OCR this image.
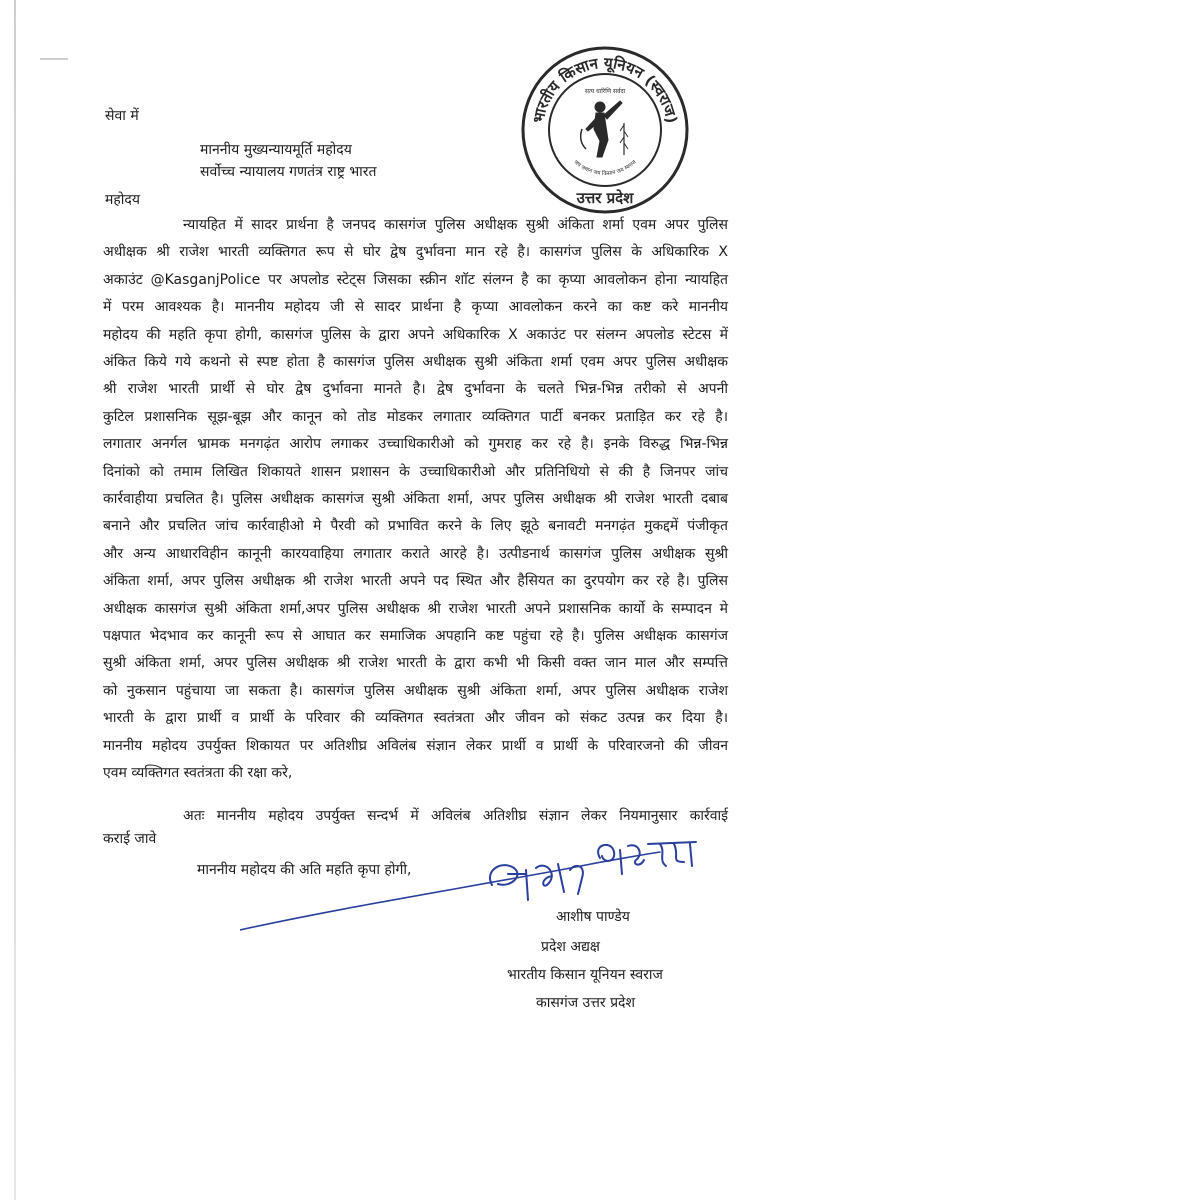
भारतीय किसान यूनियन (स्वराज)
जय जवान जय किसान जय स्वराज
सत्य धारिणि सर्वदा
उत्तर प्रदेश
सेवा में
माननीय मुख्यन्यायमूर्ति महोदय
सर्वोच्च न्यायालय गणतंत्र राष्ट्र भारत
महोदय
न्यायहित में सादर प्रार्थना है जनपद कासगंज पुलिस अधीक्षक सुश्री अंकिता शर्मा एवम अपर पुलिस
अधीक्षक श्री राजेश भारती व्यक्तिगत रूप से घोर द्वेष दुर्भावना मान रहे है। कासगंज पुलिस के अधिकारिक X
अकाउंट @KasganjPolice पर अपलोड स्टेट्स जिसका स्क्रीन शाॅट संलग्न है का कृप्या आवलोकन होना न्यायहित
में परम आवश्यक है। माननीय महोदय जी से सादर प्रार्थना है कृप्या आवलोकन करने का कष्ट करे माननीय
महोदय की महति कृपा होगी, कासगंज पुलिस के द्वारा अपने अधिकारिक X अकाउंट पर संलग्न अपलोड स्टेटस में
अंकित किये गये कथनो से स्पष्ट होता है कासगंज पुलिस अधीक्षक सुश्री अंकिता शर्मा एवम अपर पुलिस अधीक्षक
श्री राजेश भारती प्रार्थी से घोर द्वेष दुर्भावना मानते है। द्वेष दुर्भावना के चलते भिन्न-भिन्न तरीको से अपनी
कुटिल प्रशासनिक सूझ-बूझ और कानून को तोड मोडकर लगातार व्यक्तिगत पार्टी बनकर प्रताड़ित कर रहे है।
लगातार अनर्गल भ्रामक मनगढ़ंत आरोप लगाकर उच्चाधिकारीओ को गुमराह कर रहे है। इनके विरुद्ध भिन्न-भिन्न
दिनांको को तमाम लिखित शिकायते शासन प्रशासन के उच्चाधिकारीओ और प्रतिनिधियो से की है जिनपर जांच
कार्रवाहीया प्रचलित है। पुलिस अधीक्षक कासगंज सुश्री अंकिता शर्मा, अपर पुलिस अधीक्षक श्री राजेश भारती दबाब
बनाने और प्रचलित जांच कार्रवाहीओ मे पैरवी को प्रभावित करने के लिए झूठे बनावटी मनगढ़ंत मुकद्दमें पंजीकृत
और अन्य आधारविहीन कानूनी कारयवाहिया लगातार कराते आरहे है। उत्पीडनार्थ कासगंज पुलिस अधीक्षक सुश्री
अंकिता शर्मा, अपर पुलिस अधीक्षक श्री राजेश भारती अपने पद स्थित और हैसियत का दुरपयोग कर रहे है। पुलिस
अधीक्षक कासगंज सुश्री अंकिता शर्मा,अपर पुलिस अधीक्षक श्री राजेश भारती अपने प्रशासनिक कार्यो के सम्पादन मे
पक्षपात भेदभाव कर कानूनी रूप से आघात कर समाजिक अपहानि कष्ट पहुंचा रहे है। पुलिस अधीक्षक कासगंज
सुश्री अंकिता शर्मा, अपर पुलिस अधीक्षक श्री राजेश भारती के द्वारा कभी भी किसी वक्त जान माल और सम्पत्ति
को नुकसान पहुंचाया जा सकता है। कासगंज पुलिस अधीक्षक सुश्री अंकिता शर्मा, अपर पुलिस अधीक्षक राजेश
भारती के द्वारा प्रार्थी व प्रार्थी के परिवार की व्यक्तिगत स्वतंत्रता और जीवन को संकट उत्पन्न कर दिया है।
माननीय महोदय उपर्युक्त शिकायत पर अतिशीघ्र अविलंब संज्ञान लेकर प्रार्थी व प्रार्थी के परिवारजनो की जीवन
एवम व्यक्तिगत स्वतंत्रता की रक्षा करे,
अतः माननीय महोदय उपर्युक्त सन्दर्भ में अविलंब अतिशीघ्र संज्ञान लेकर नियमानुसार कार्रवाई
कराई जावे
माननीय महोदय की अति महति कृपा होगी,
आशीष पाण्डेय
प्रदेश अद्यक्ष
भारतीय किसान यूनियन स्वराज
कासगंज उत्तर प्रदेश
